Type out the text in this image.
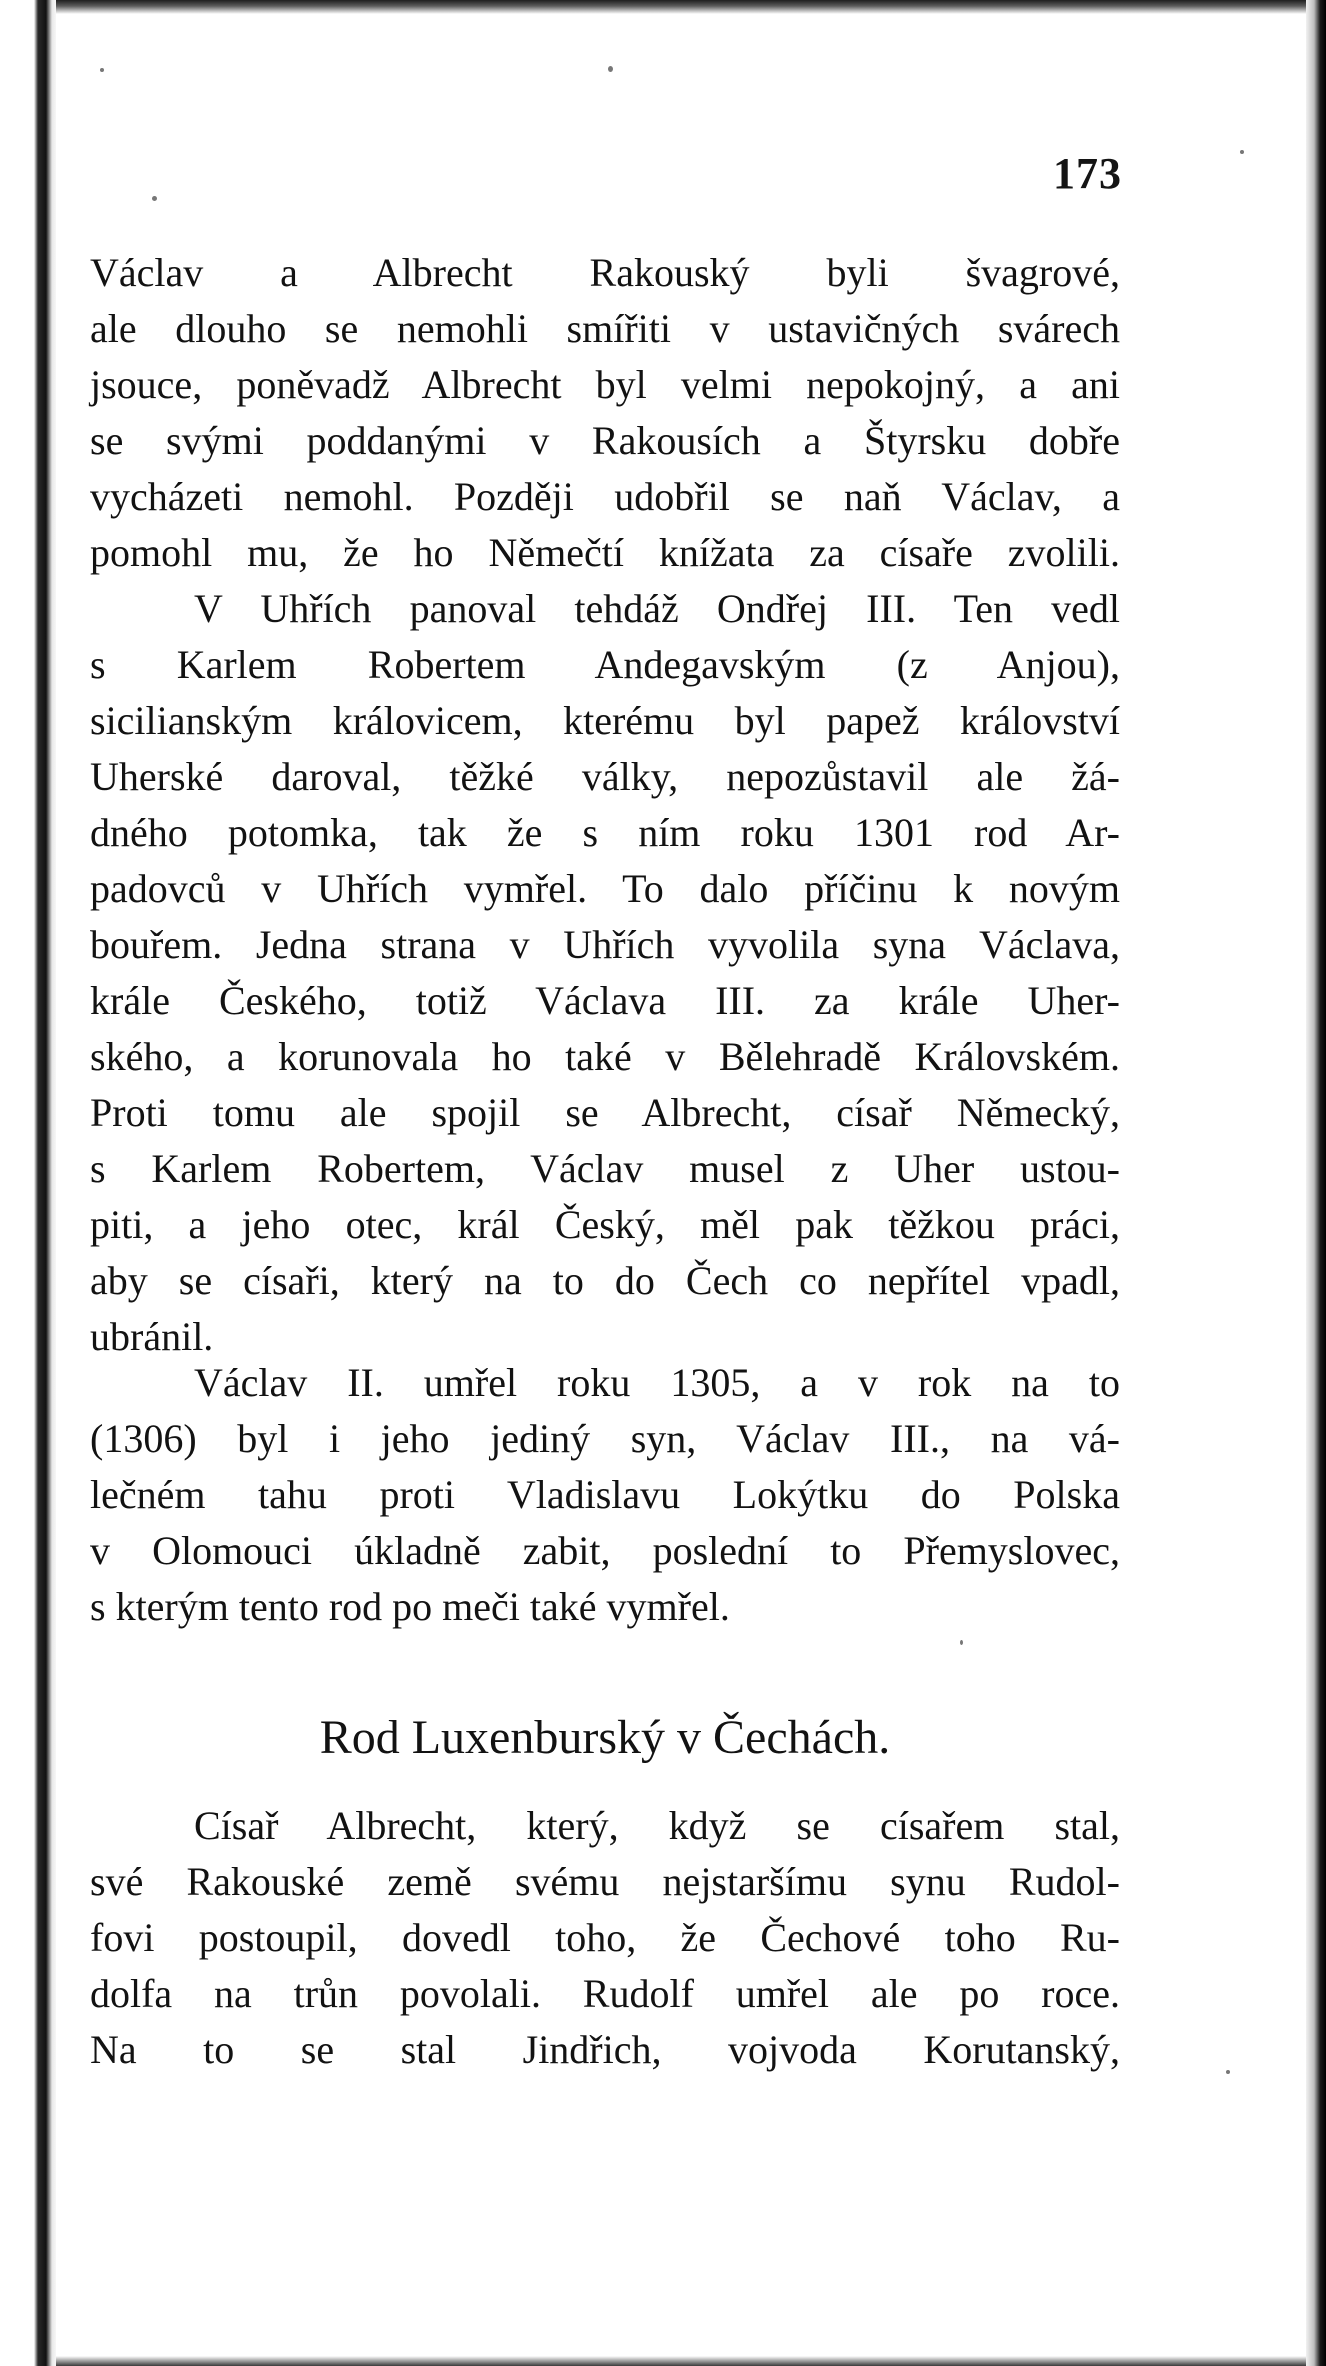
173
Václav a Albrecht Rakouský byli švagrové,
ale dlouho se nemohli smířiti v ustavičných svárech
jsouce, poněvadž Albrecht byl velmi nepokojný, a ani
se svými poddanými v Rakousích a Štyrsku dobře
vycházeti nemohl. Později udobřil se naň Václav, a
pomohl mu, že ho Němečtí knížata za císaře zvolili.
V Uhřích panoval tehdáž Ondřej III. Ten vedl
s Karlem Robertem Andegavským (z Anjou),
sicilianským královicem, kterému byl papež království
Uherské daroval, těžké války, nepozůstavil ale žá-
dného potomka, tak že s ním roku 1301 rod Ar-
padovců v Uhřích vymřel. To dalo příčinu k novým
bouřem. Jedna strana v Uhřích vyvolila syna Václava,
krále Českého, totiž Václava III. za krále Uher-
ského, a korunovala ho také v Bělehradě Královském.
Proti tomu ale spojil se Albrecht, císař Německý,
s Karlem Robertem, Václav musel z Uher ustou-
piti, a jeho otec, král Český, měl pak těžkou práci,
aby se císaři, který na to do Čech co nepřítel vpadl,
ubránil.
Václav II. umřel roku 1305, a v rok na to
(1306) byl i jeho jediný syn, Václav III., na vá-
lečném tahu proti Vladislavu Lokýtku do Polska
v Olomouci úkladně zabit, poslední to Přemyslovec,
s kterým tento rod po meči také vymřel.
Rod Luxenburský v Čechách.
Císař Albrecht, který, když se císařem stal,
své Rakouské země svému nejstaršímu synu Rudol-
fovi postoupil, dovedl toho, že Čechové toho Ru-
dolfa na trůn povolali. Rudolf umřel ale po roce.
Na to se stal Jindřich, vojvoda Korutanský,
